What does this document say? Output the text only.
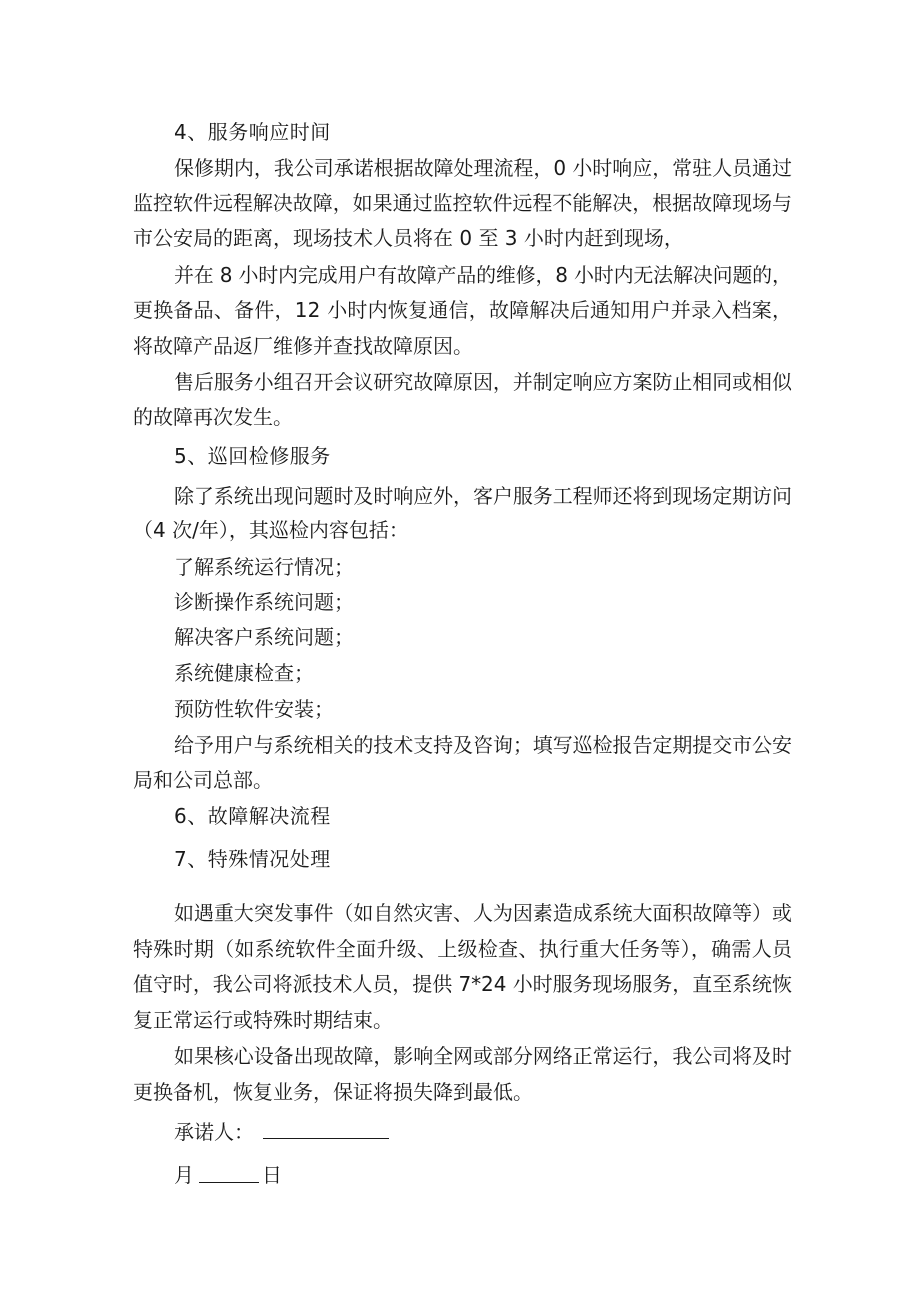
4、服务响应时间
保修期内，我公司承诺根据故障处理流程，0 小时响应，常驻人员通过
监控软件远程解决故障，如果通过监控软件远程不能解决，根据故障现场与
市公安局的距离，现场技术人员将在 0 至 3 小时内赶到现场，
并在 8 小时内完成用户有故障产品的维修，8 小时内无法解决问题的，
更换备品、备件，12 小时内恢复通信，故障解决后通知用户并录入档案，
将故障产品返厂维修并查找故障原因。
售后服务小组召开会议研究故障原因，并制定响应方案防止相同或相似
的故障再次发生。
5、巡回检修服务
除了系统出现问题时及时响应外，客户服务工程师还将到现场定期访问
（4 次/年），其巡检内容包括：
了解系统运行情况；
诊断操作系统问题；
解决客户系统问题；
系统健康检查；
预防性软件安装；
给予用户与系统相关的技术支持及咨询；填写巡检报告定期提交市公安
局和公司总部。
6、故障解决流程
7、特殊情况处理
如遇重大突发事件（如自然灾害、人为因素造成系统大面积故障等）或
特殊时期（如系统软件全面升级、上级检查、执行重大任务等），确需人员
值守时，我公司将派技术人员，提供 7*24 小时服务现场服务，直至系统恢
复正常运行或特殊时期结束。
如果核心设备出现故障，影响全网或部分网络正常运行，我公司将及时
更换备机，恢复业务，保证将损失降到最低。
承诺人：
月	日
